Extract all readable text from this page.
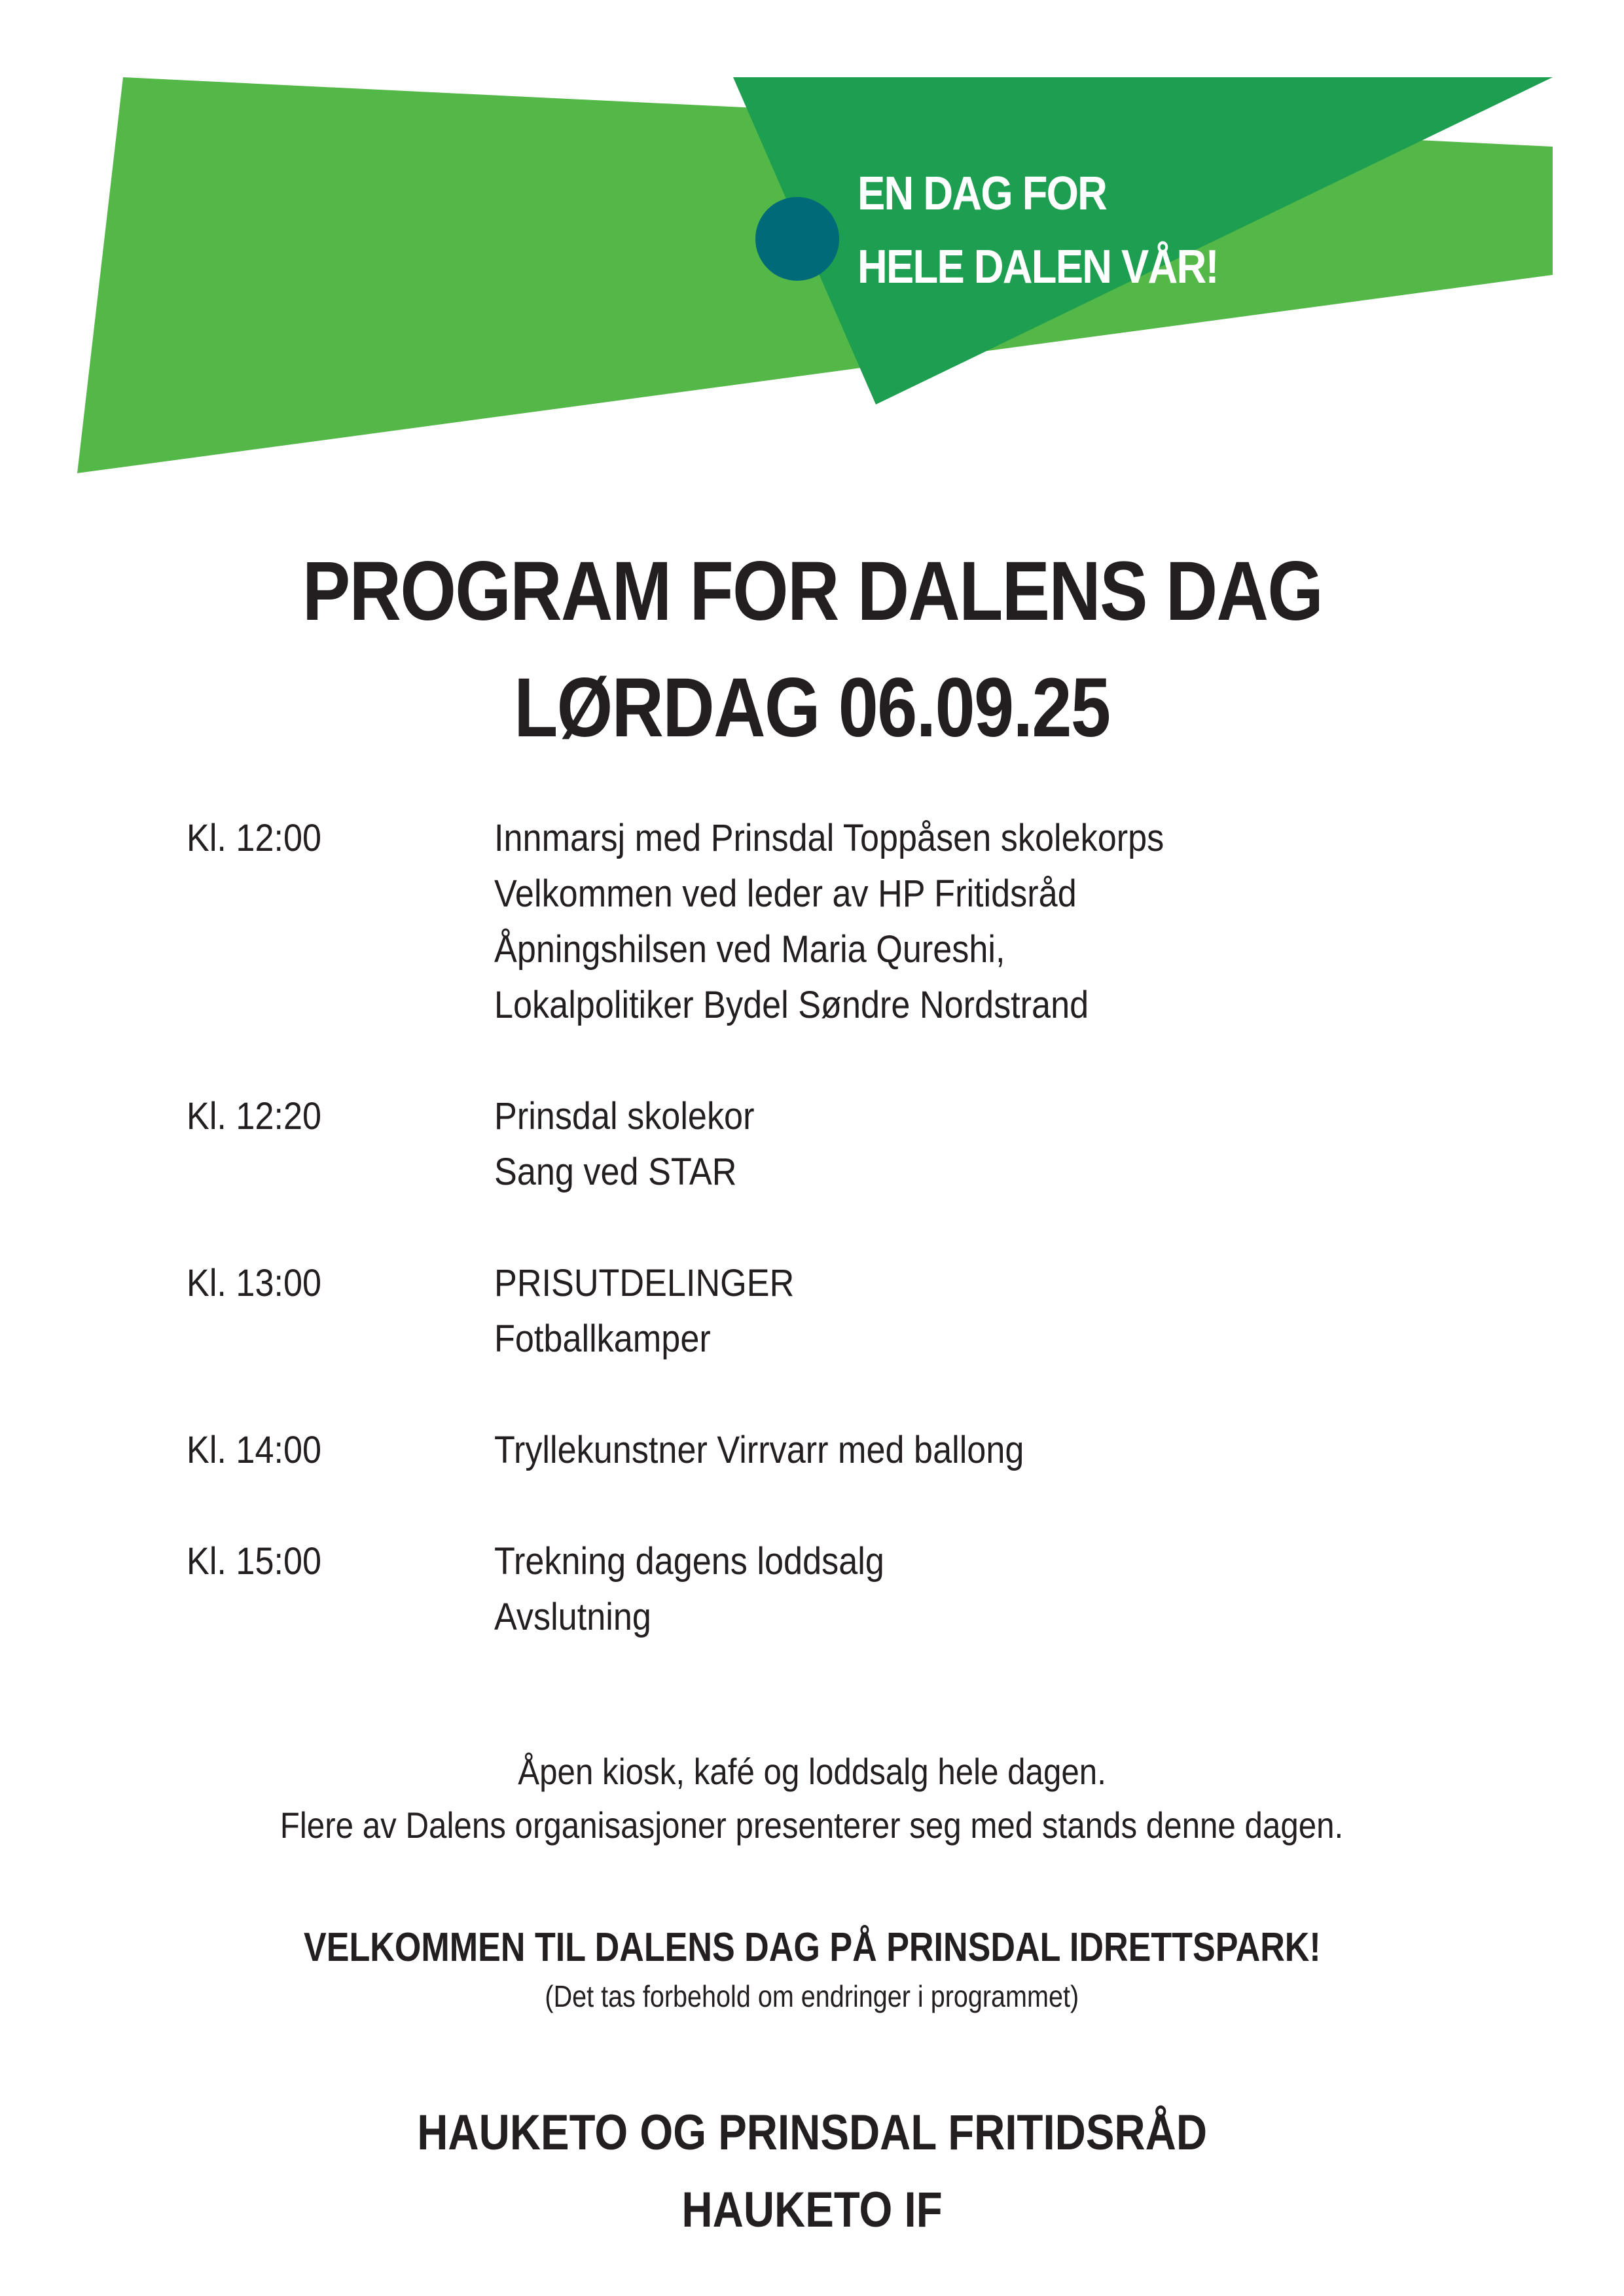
EN DAG FOR
HELE DALEN VÅR!
PROGRAM FOR DALENS DAG
LØRDAG 06.09.25
Kl. 12:00	Innmarsj med Prinsdal Toppåsen skolekorps
Velkommen ved leder av HP Fritidsråd
Åpningshilsen ved Maria Qureshi,
Lokalpolitiker Bydel Søndre Nordstrand
Kl. 12:20	Prinsdal skolekor
Sang ved STAR
Kl. 13:00	PRISUTDELINGER
Fotballkamper
Kl. 14:00	Tryllekunstner Virrvarr med ballong
Kl. 15:00	Trekning dagens loddsalg
Avslutning
Åpen kiosk, kafé og loddsalg hele dagen.
Flere av Dalens organisasjoner presenterer seg med stands denne dagen.
VELKOMMEN TIL DALENS DAG PÅ PRINSDAL IDRETTSPARK!
(Det tas forbehold om endringer i programmet)
HAUKETO OG PRINSDAL FRITIDSRÅD
HAUKETO IF
